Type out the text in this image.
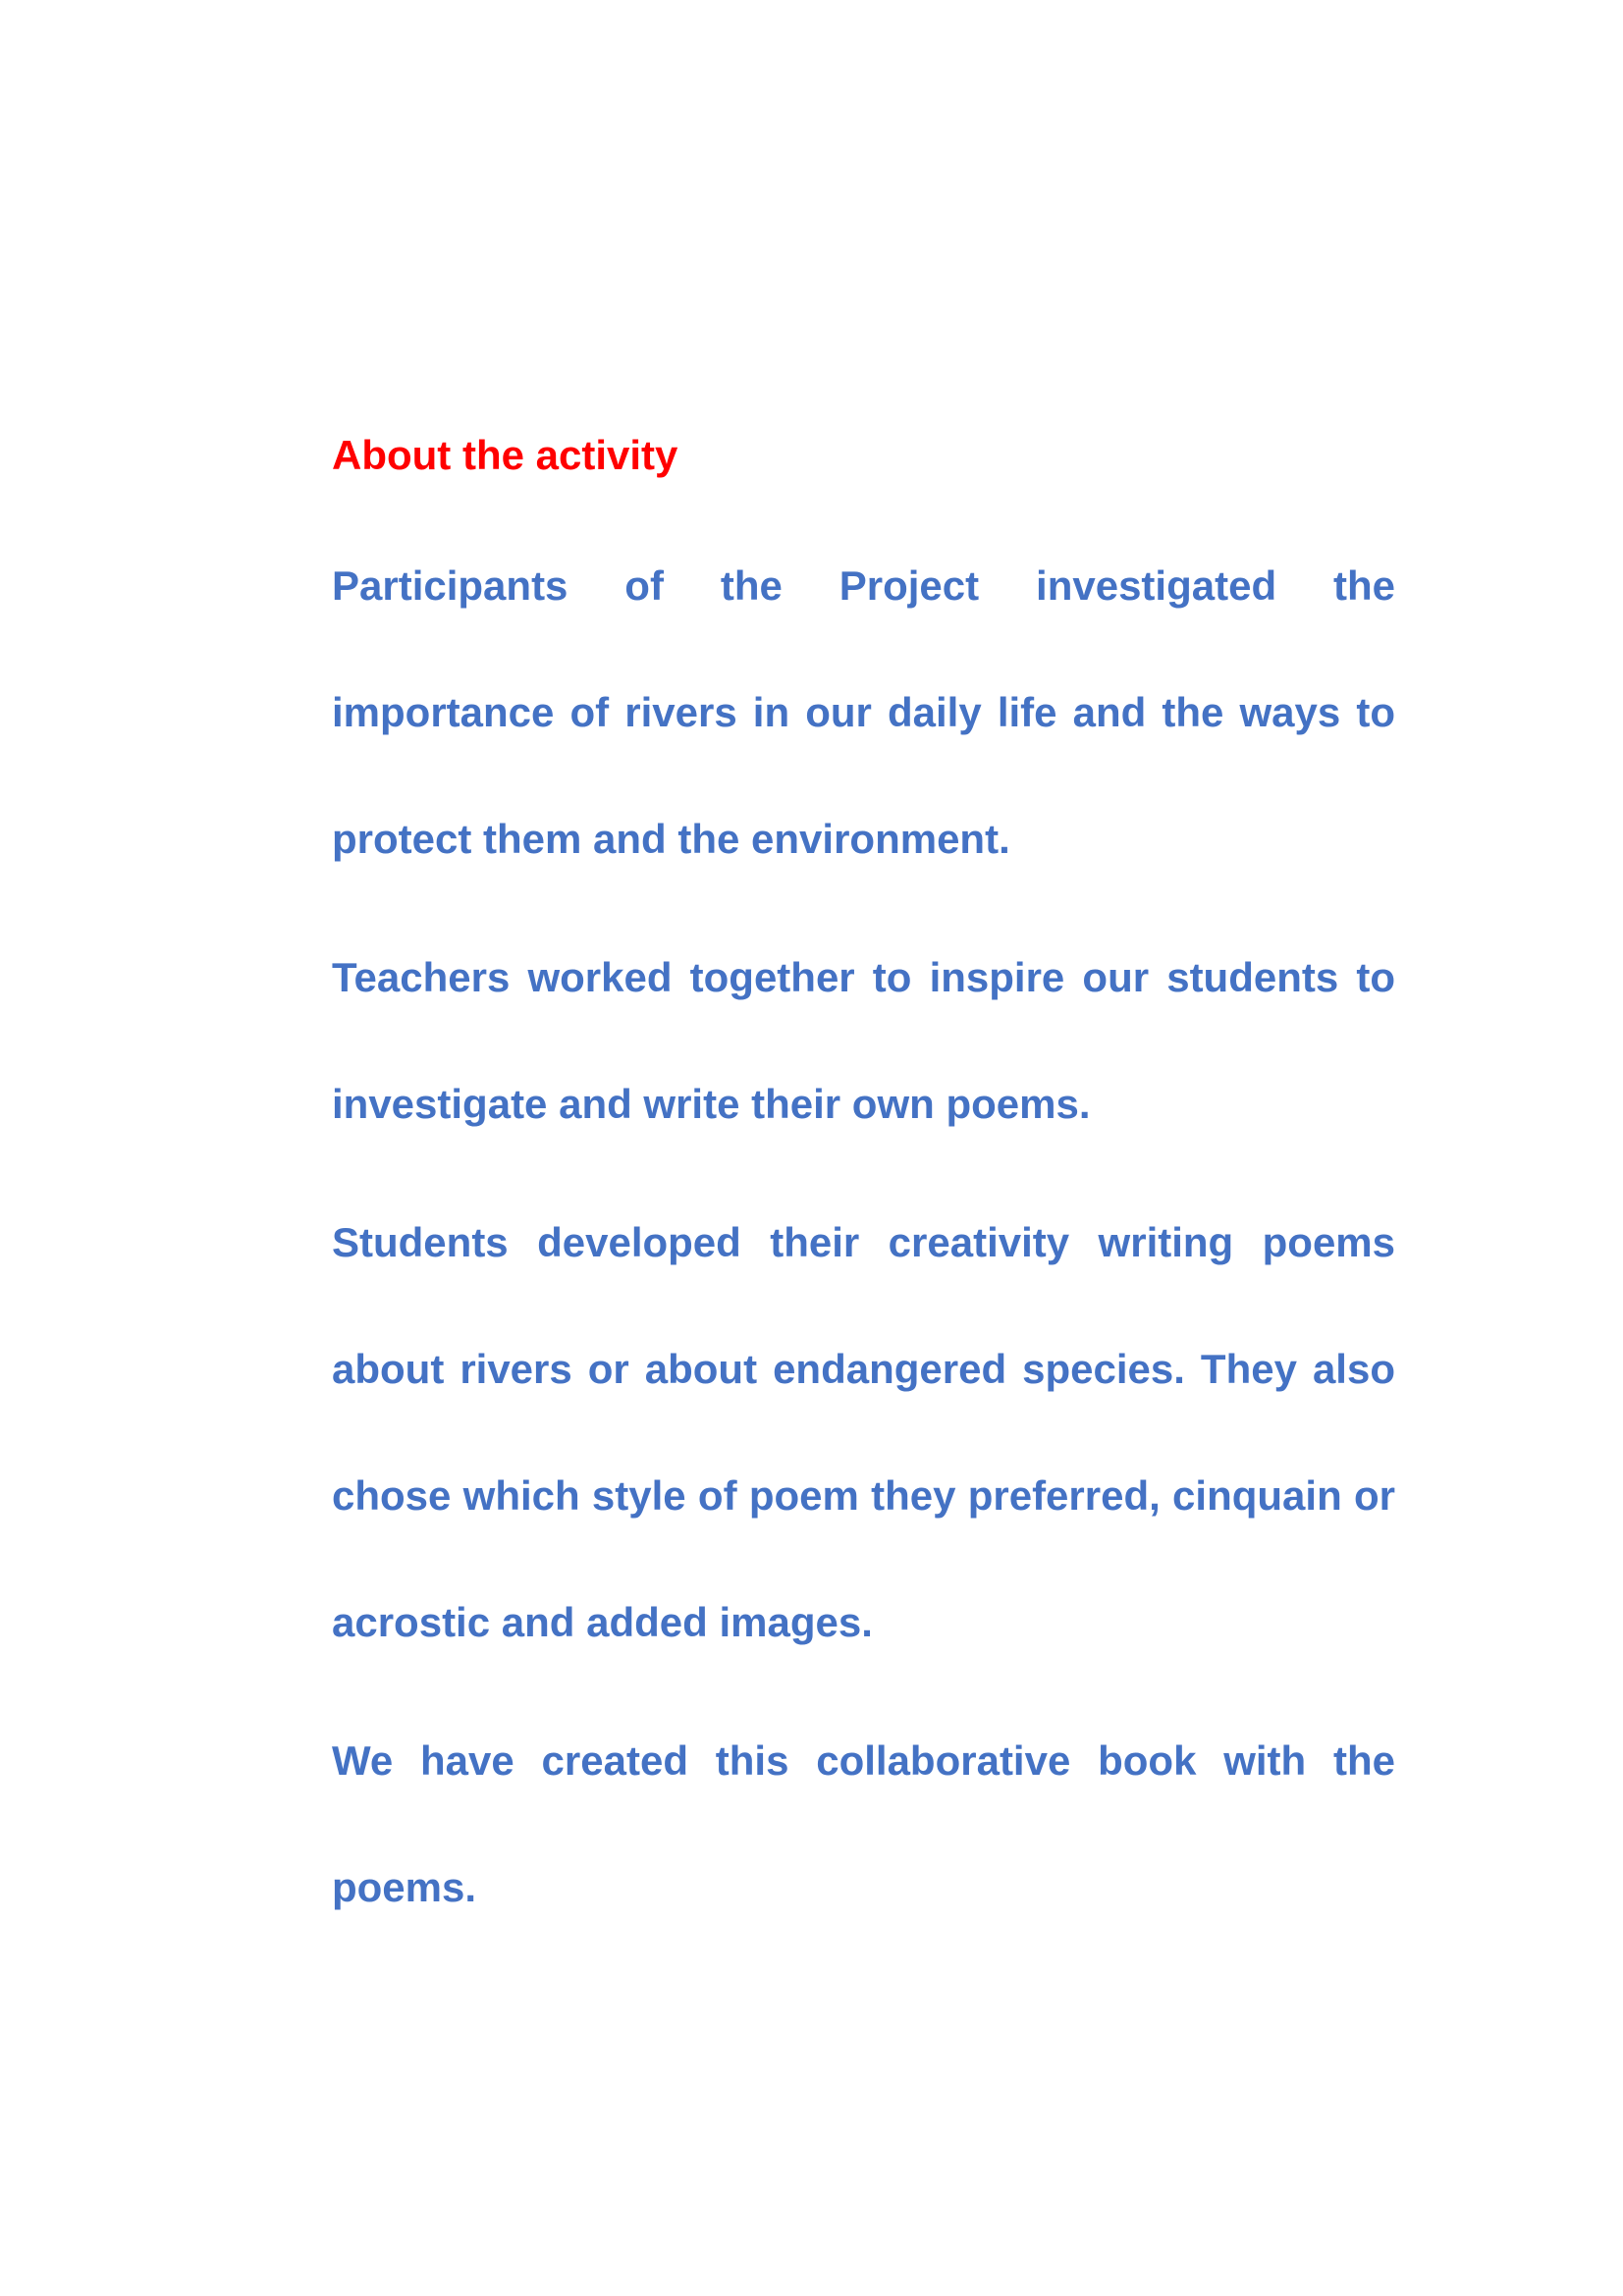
About the activity

Participants of the Project investigated the importance of rivers in our daily life and the ways to protect them and the environment.

Teachers worked together to inspire our students to investigate and write their own poems.

Students developed their creativity writing poems about rivers or about endangered species. They also chose which style of poem they preferred, cinquain or acrostic and added images.

We have created this collaborative book with the poems.
